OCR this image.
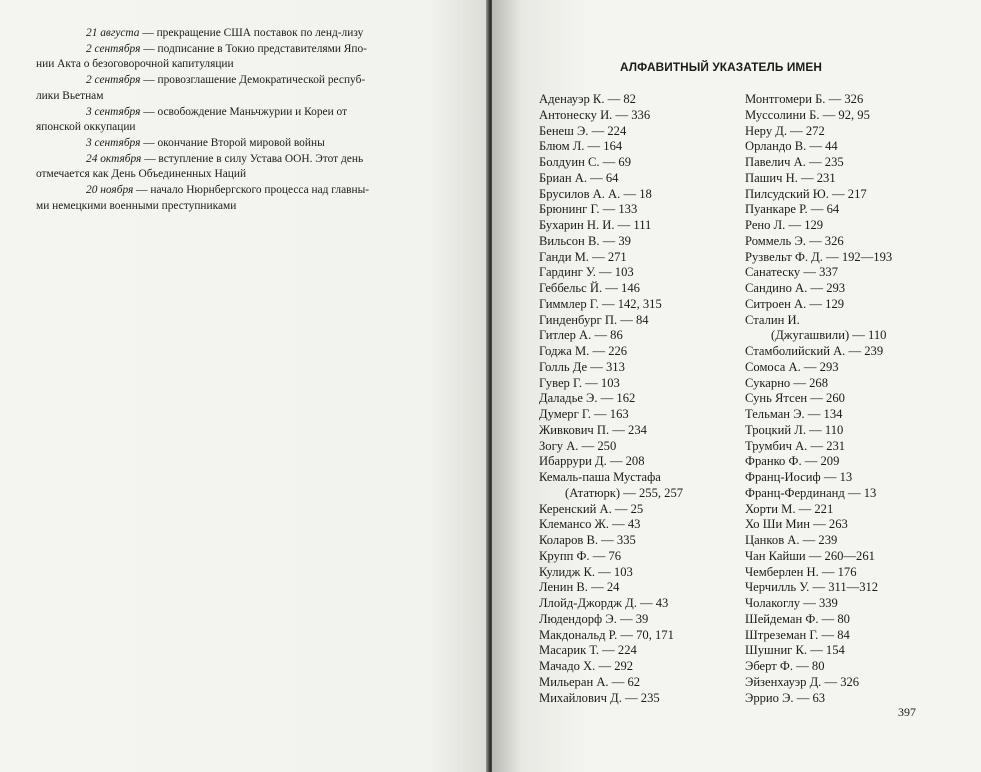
21 августа — прекращение США поставок по ленд-лизу

2 сентября — подписание в Токио представителями Япо-

нии Акта о безоговорочной капитуляции

2 сентября — провозглашение Демократической респуб-

лики Вьетнам

3 сентября — освобождение Маньчжурии и Кореи от

японской оккупации

3 сентября — окончание Второй мировой войны

24 октября — вступление в силу Устава ООН. Этот день

отмечается как День Объединенных Наций

20 ноября — начало Нюрнбергского процесса над главны-

ми немецкими военными преступниками

АЛФАВИТНЫЙ УКАЗАТЕЛЬ ИМЕН
Аденауэр К. — 82
Антонеску И. — 336
Бенеш Э. — 224
Блюм Л. — 164
Болдуин С. — 69
Бриан А. — 64
Брусилов А. А. — 18
Брюнинг Г. — 133
Бухарин Н. И. — 111
Вильсон В. — 39
Ганди М. — 271
Гардинг У. — 103
Геббельс Й. — 146
Гиммлер Г. — 142, 315
Гинденбург П. — 84
Гитлер А. — 86
Годжа М. — 226
Голль Де — 313
Гувер Г. — 103
Даладье Э. — 162
Думерг Г. — 163
Живкович П. — 234
Зогу А. — 250
Ибаррури Д. — 208
Кемаль-паша Мустафа
(Ататюрк) — 255, 257
Керенский А. — 25
Клемансо Ж. — 43
Коларов В. — 335
Крупп Ф. — 76
Кулидж К. — 103
Ленин В. — 24
Ллойд-Джордж Д. — 43
Людендорф Э. — 39
Макдональд Р. — 70, 171
Масарик Т. — 224
Мачадо Х. — 292
Мильеран А. — 62
Михайлович Д. — 235
Монтгомери Б. — 326
Муссолини Б. — 92, 95
Неру Д. — 272
Орландо В. — 44
Павелич А. — 235
Пашич Н. — 231
Пилсудский Ю. — 217
Пуанкаре Р. — 64
Рено Л. — 129
Роммель Э. — 326
Рузвельт Ф. Д. — 192—193
Санатеску — 337
Сандино А. — 293
Ситроен А. — 129
Сталин И.
(Джугашвили) — 110
Стамболийский А. — 239
Сомоса А. — 293
Сукарно — 268
Сунь Ятсен — 260
Тельман Э. — 134
Троцкий Л. — 110
Трумбич А. — 231
Франко Ф. — 209
Франц-Иосиф — 13
Франц-Фердинанд — 13
Хорти М. — 221
Хо Ши Мин — 263
Цанков А. — 239
Чан Кайши — 260—261
Чемберлен Н. — 176
Черчилль У. — 311—312
Чолакоглу — 339
Шейдеман Ф. — 80
Штреземан Г. — 84
Шушниг К. — 154
Эберт Ф. — 80
Эйзенхауэр Д. — 326
Эррио Э. — 63
397
